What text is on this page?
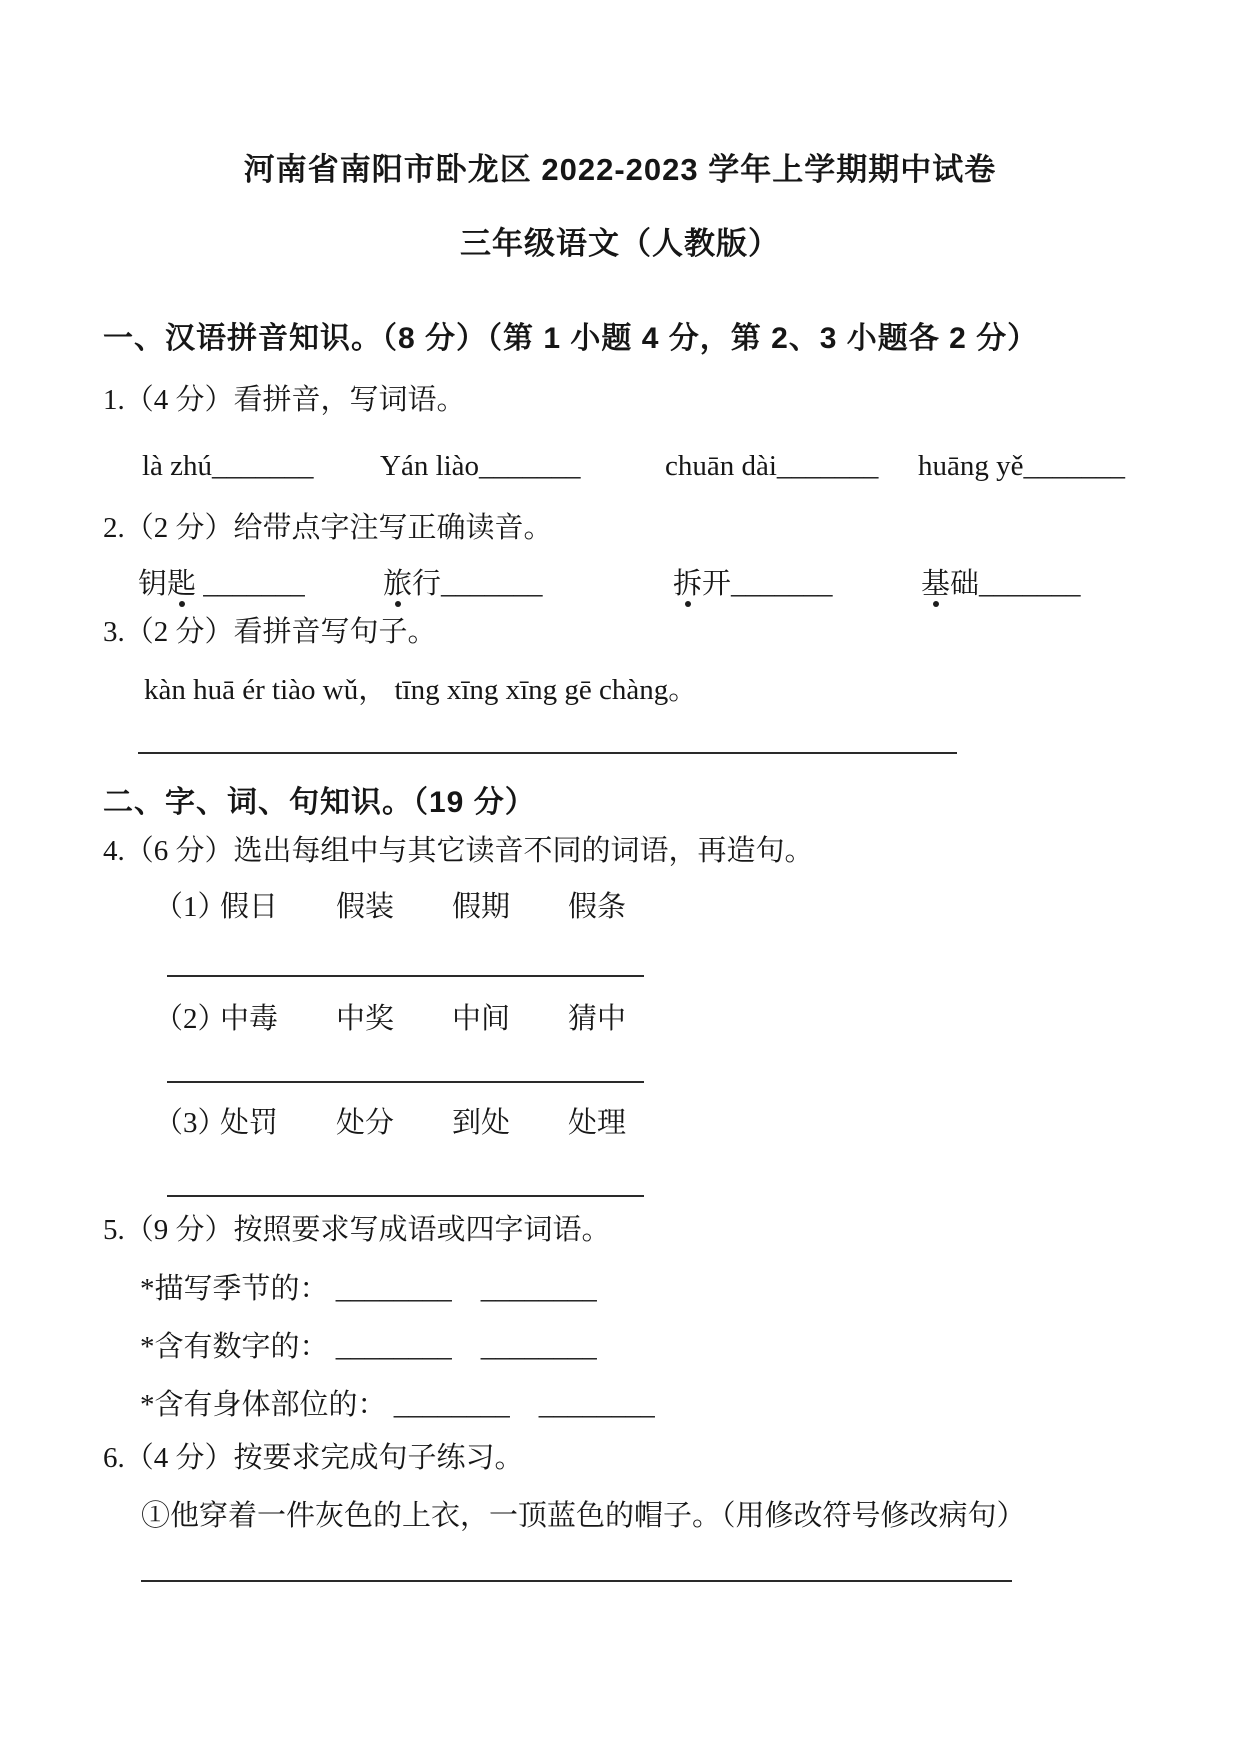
河南省南阳市卧龙区 2022-2023 学年上学期期中试卷
三年级语文（人教版）
一、汉语拼音知识。（8 分）（第 1 小题 4 分，第 2、3 小题各 2 分）
1.（4 分）看拼音，写词语。
là zhú_______ Yán liào_______	chuān dài_______ huāng yě_______
2.（2 分）给带点字注写正确读音。
钥匙 _______	旅行_______	拆开_______	基础_______
3.（2 分）看拼音写句子。
kàn huā ér tiào wǔ， tīng xīng xīng gē chàng。
二、字、词、句知识。（19 分）
4.（6 分）选出每组中与其它读音不同的词语，再造句。
（1）
假日 假装 假期 假条
（2）
中毒 中奖 中间 猜中
（3）
处罚 处分 到处 处理
5.（9 分）按照要求写成语或四字词语。
*描写季节的： ________　________
*含有数字的： ________　________
*含有身体部位的： ________　________
6.（4 分）按要求完成句子练习。
①他穿着一件灰色的上衣，一顶蓝色的帽子。（用修改符号修改病句）
